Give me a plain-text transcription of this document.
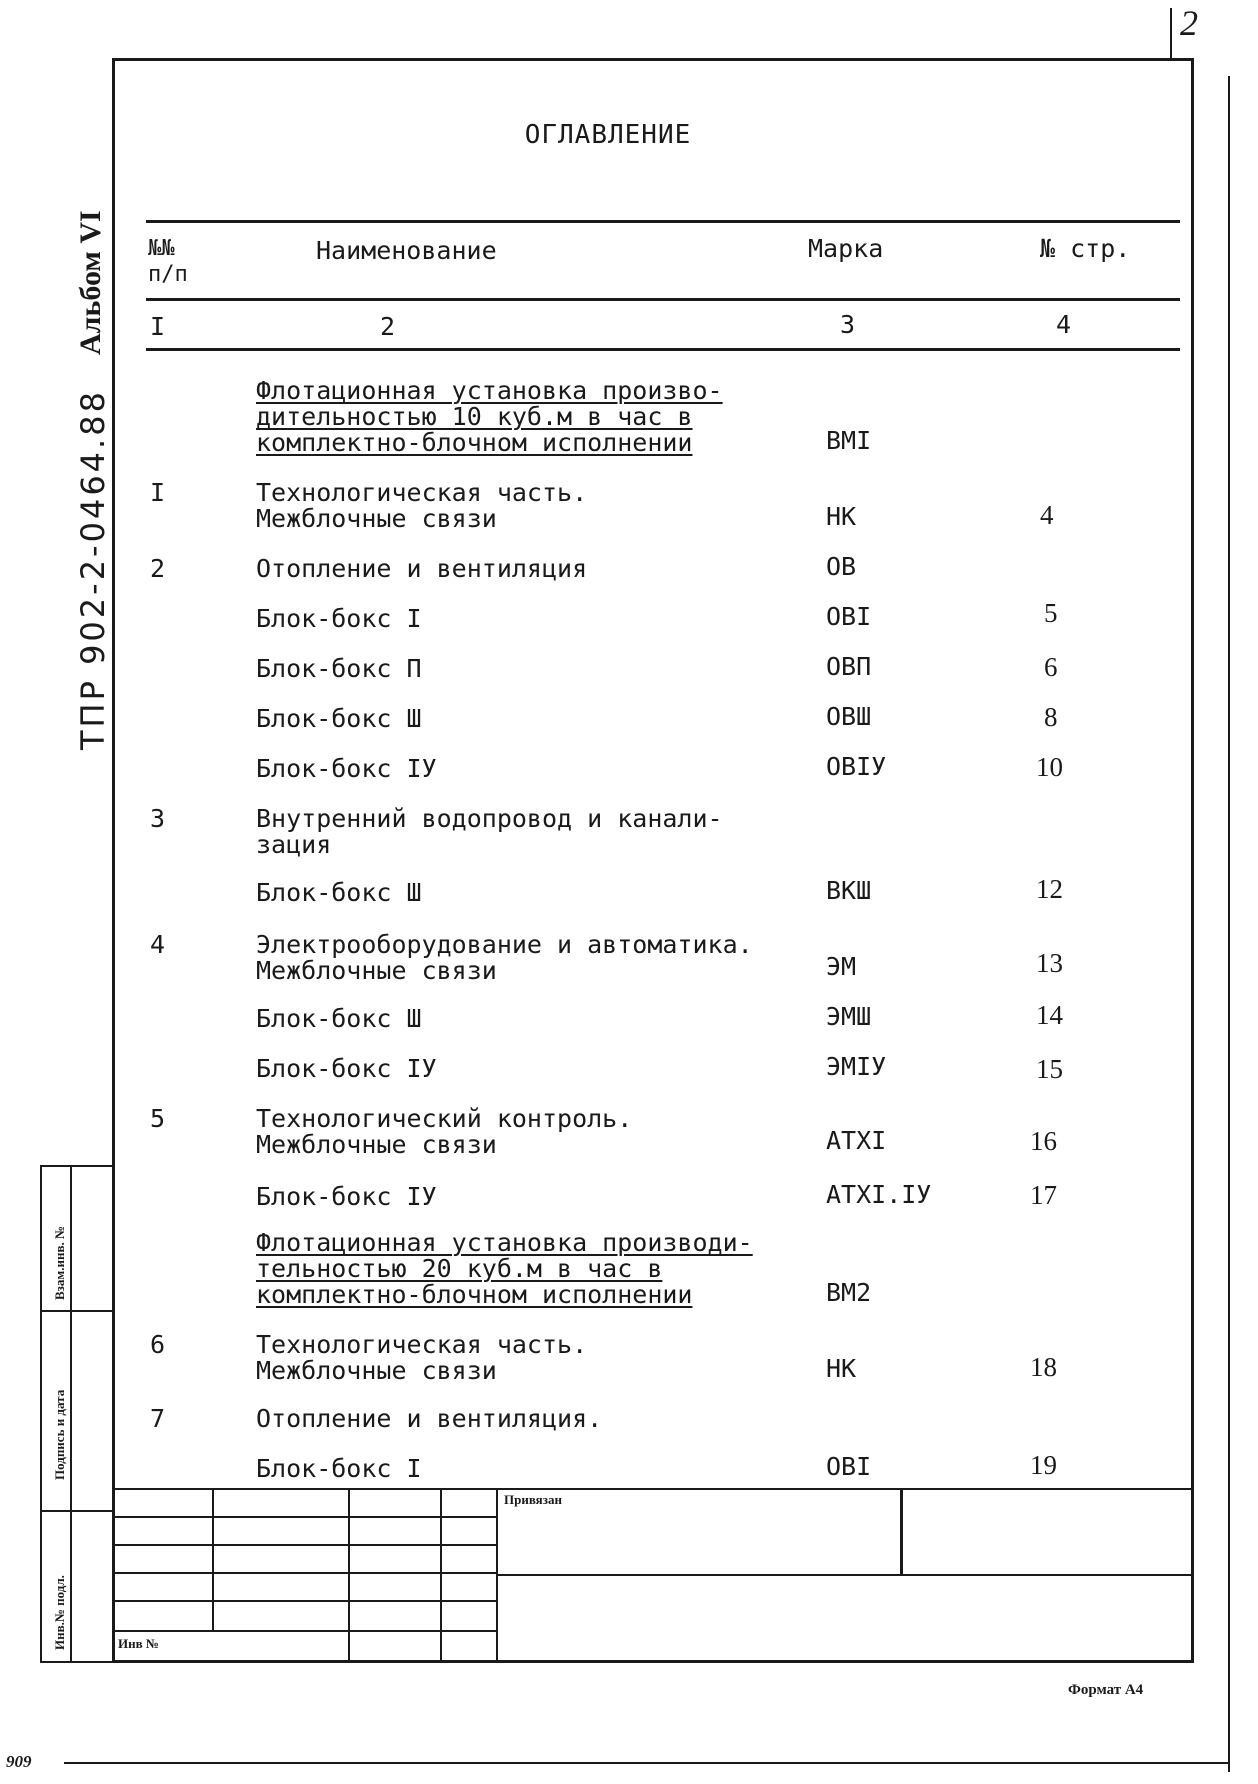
2
Альбом VI
ТПР 902-2-0464.88
ОГЛАВЛЕНИЕ
№№ п/п
Наименование	Марка	№ стр.
I	2	3	4
Флотационная установка произво-
дительностью 10 куб.м в час в
комплектно-блочном исполнении	ВМI
I	Технологическая часть.
Межблочные связи	НК	4
2	Отопление и вентиляция	ОВ
Блок-бокс I	ОВI	5
Блок-бокс П	ОВП	6
Блок-бокс Ш	ОВШ	8
Блок-бокс IУ	ОВIУ	10
3	Внутренний водопровод и канали-
зация
Блок-бокс Ш	ВКШ	12
4	Электрооборудование и автоматика.
Межблочные связи	ЭМ	13
Блок-бокс Ш	ЭМШ	14
Блок-бокс IУ	ЭМIУ	15
5	Технологический контроль.
Межблочные связи	АТХI	16
Блок-бокс IУ	АТХI.IУ	17
Флотационная установка производи-
тельностью 20 куб.м в час в
комплектно-блочном исполнении	ВМ2
6	Технологическая часть.
Межблочные связи	НК	18
7	Отопление и вентиляция.
Блок-бокс I	ОВI	19
Взам.инв. №
Подпись и дата
Инв.№ подл.
Привязан
Инв №
Формат А4
909
